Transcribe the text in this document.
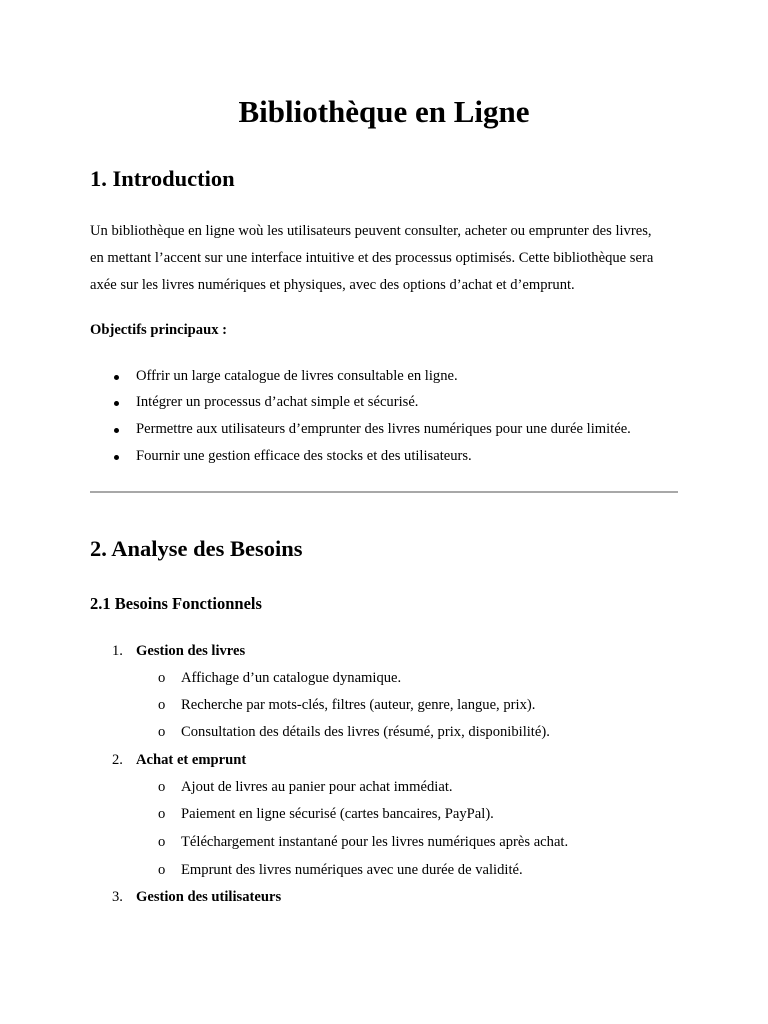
Bibliothèque en Ligne
1. Introduction

Un bibliothèque en ligne woù les utilisateurs peuvent consulter, acheter ou emprunter des livres,
en mettant l’accent sur une interface intuitive et des processus optimisés. Cette bibliothèque sera
axée sur les livres numériques et physiques, avec des options d’achat et d’emprunt.

Objectifs principaux :

Offrir un large catalogue de livres consultable en ligne.
Intégrer un processus d’achat simple et sécurisé.
Permettre aux utilisateurs d’emprunter des livres numériques pour une durée limitée.
Fournir une gestion efficace des stocks et des utilisateurs.
2. Analyse des Besoins
2.1 Besoins Fonctionnels
1. Gestion des livres
o Affichage d’un catalogue dynamique.
o Recherche par mots-clés, filtres (auteur, genre, langue, prix).
o Consultation des détails des livres (résumé, prix, disponibilité).
2. Achat et emprunt
o Ajout de livres au panier pour achat immédiat.
o Paiement en ligne sécurisé (cartes bancaires, PayPal).
o Téléchargement instantané pour les livres numériques après achat.
o Emprunt des livres numériques avec une durée de validité.
3. Gestion des utilisateurs
